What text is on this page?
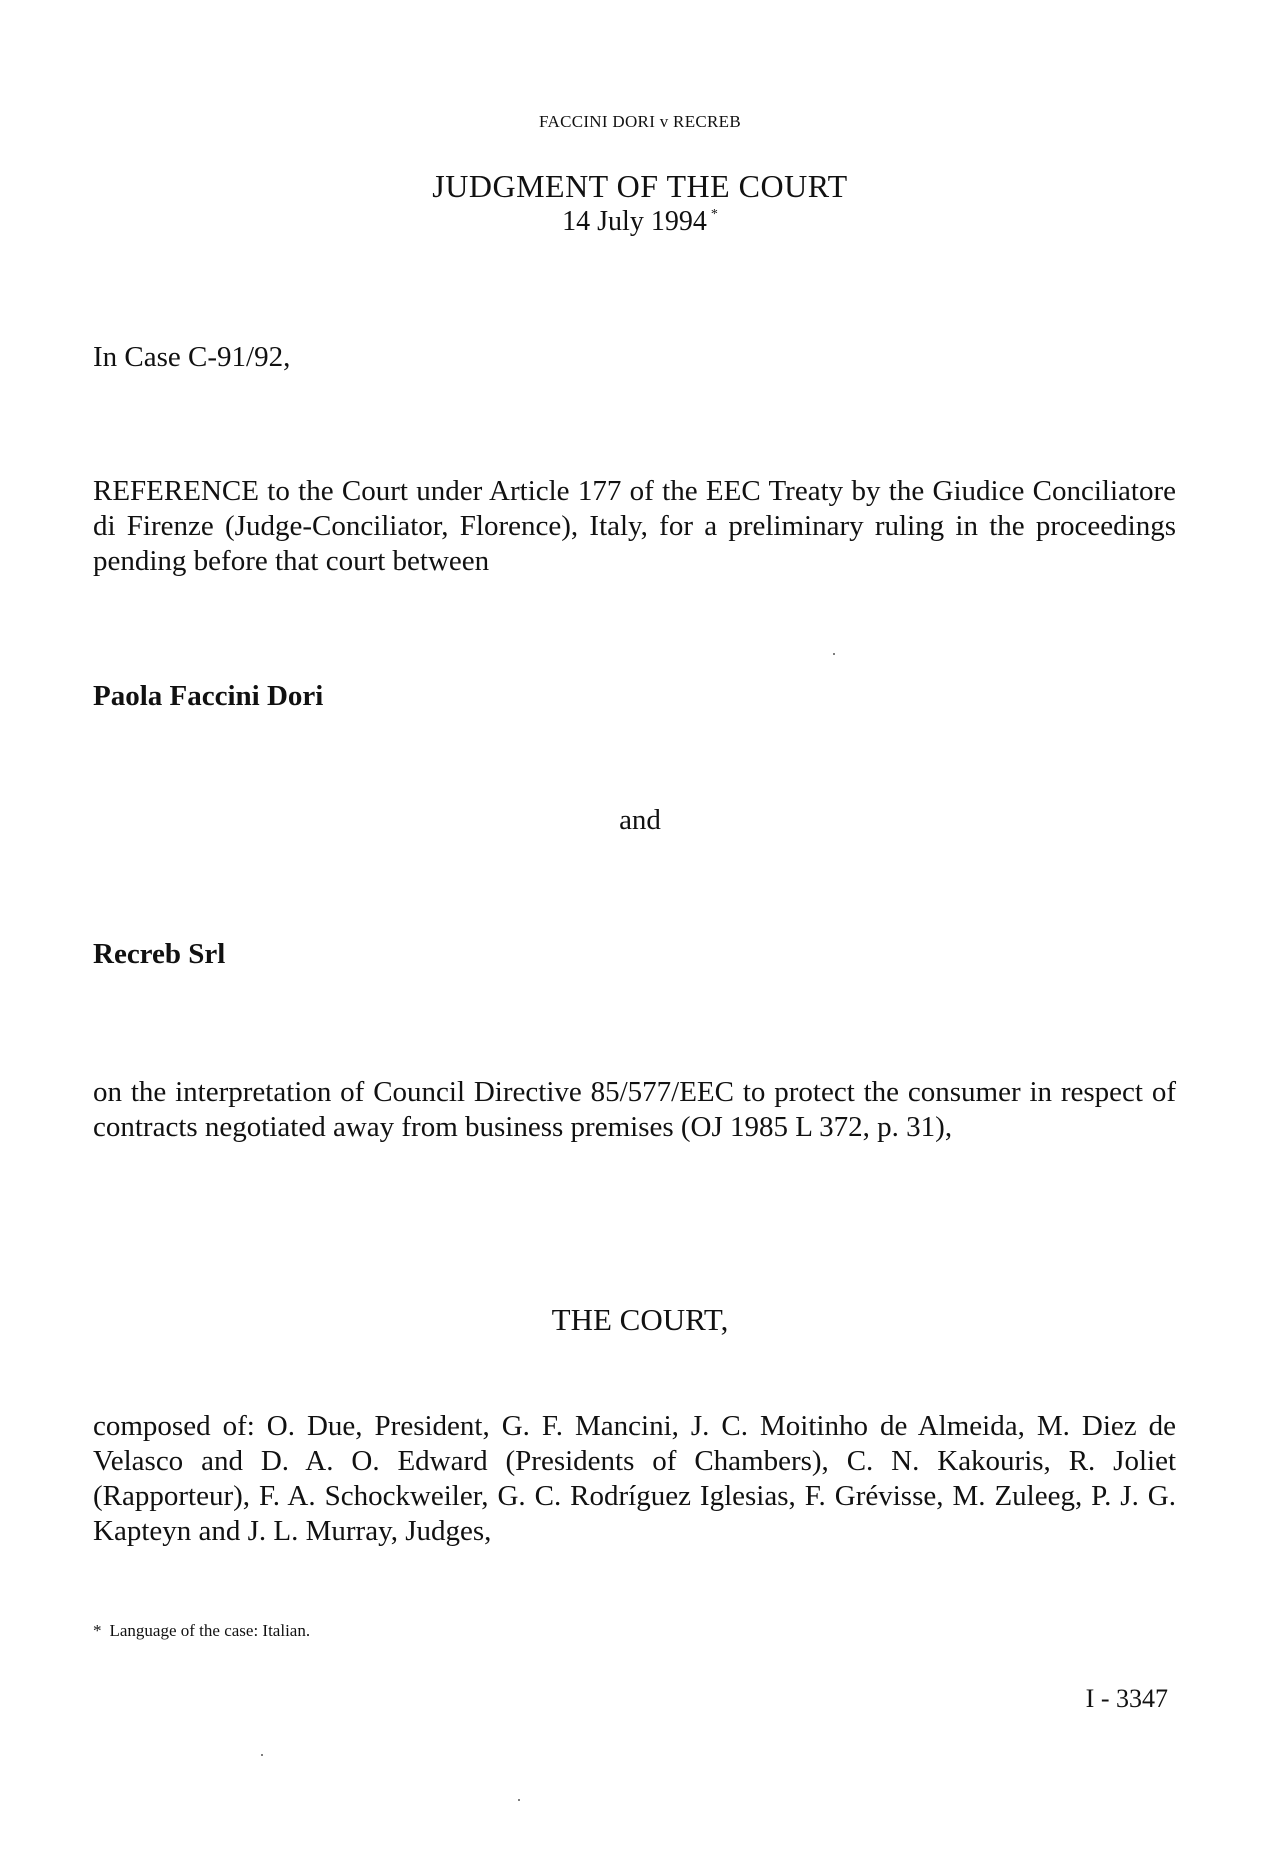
FACCINI DORI v RECREB

JUDGMENT OF THE COURT

14 July 1994 *

In Case C-91/92,

REFERENCE to the Court under Article 177 of the EEC Treaty by the Giudice Conciliatore di Firenze (Judge-Conciliator, Florence), Italy, for a preliminary ruling in the proceedings pending before that court between

Paola Faccini Dori

and

Recreb Srl

on the interpretation of Council Directive 85/577/EEC to protect the consumer in respect of contracts negotiated away from business premises (OJ 1985 L 372, p. 31),

THE COURT,

composed of: O. Due, President, G. F. Mancini, J. C. Moitinho de Almeida, M. Diez de Velasco and D. A. O. Edward (Presidents of Chambers), C. N. Kakouris, R. Joliet (Rapporteur), F. A. Schockweiler, G. C. Rodríguez Iglesias, F. Grévisse, M. Zuleeg, P. J. G. Kapteyn and J. L. Murray, Judges,

* Language of the case: Italian.

I - 3347
